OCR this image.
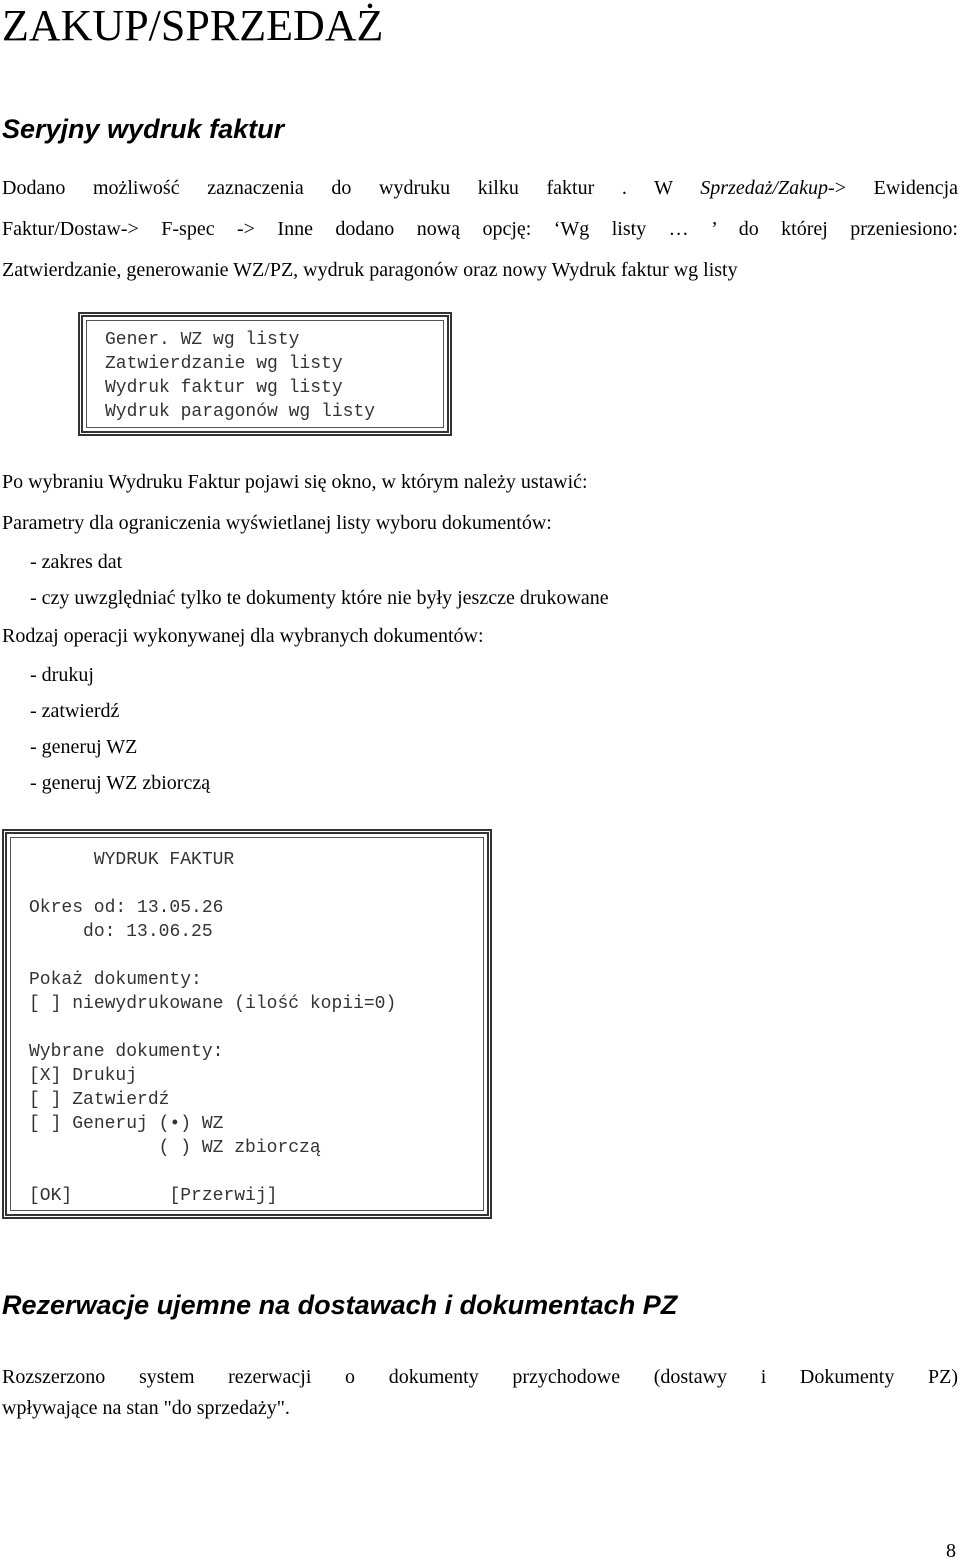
ZAKUP/SPRZEDAŻ
Seryjny wydruk faktur
Dodano możliwość zaznaczenia do wydruku kilku faktur . W Sprzedaż/Zakup-> Ewidencja
Faktur/Dostaw-> F-spec -> Inne dodano nową opcję: ‘Wg listy … ’ do której przeniesiono:
Zatwierdzanie, generowanie WZ/PZ, wydruk paragonów oraz nowy Wydruk faktur wg listy
Gener. WZ wg listy
Zatwierdzanie wg listy
Wydruk faktur wg listy
Wydruk paragonów wg listy
Po wybraniu Wydruku Faktur pojawi się okno, w którym należy ustawić:
Parametry dla ograniczenia wyświetlanej listy wyboru dokumentów:
- zakres dat
- czy uwzględniać tylko te dokumenty które nie były jeszcze drukowane
Rodzaj operacji wykonywanej dla wybranych dokumentów:
- drukuj
- zatwierdź
- generuj WZ
- generuj WZ zbiorczą
WYDRUK FAKTUR

Okres od: 13.05.26
do: 13.06.25

Pokaż dokumenty:
[ ] niewydrukowane (ilość kopii=0)

Wybrane dokumenty:
[X] Drukuj
[ ] Zatwierdź
[ ] Generuj (•) WZ
( ) WZ zbiorczą

[OK]	[Przerwij]
Rezerwacje ujemne na dostawach i dokumentach PZ
Rozszerzono system rezerwacji o dokumenty przychodowe (dostawy i Dokumenty PZ)
wpływające na stan "do sprzedaży".
8
